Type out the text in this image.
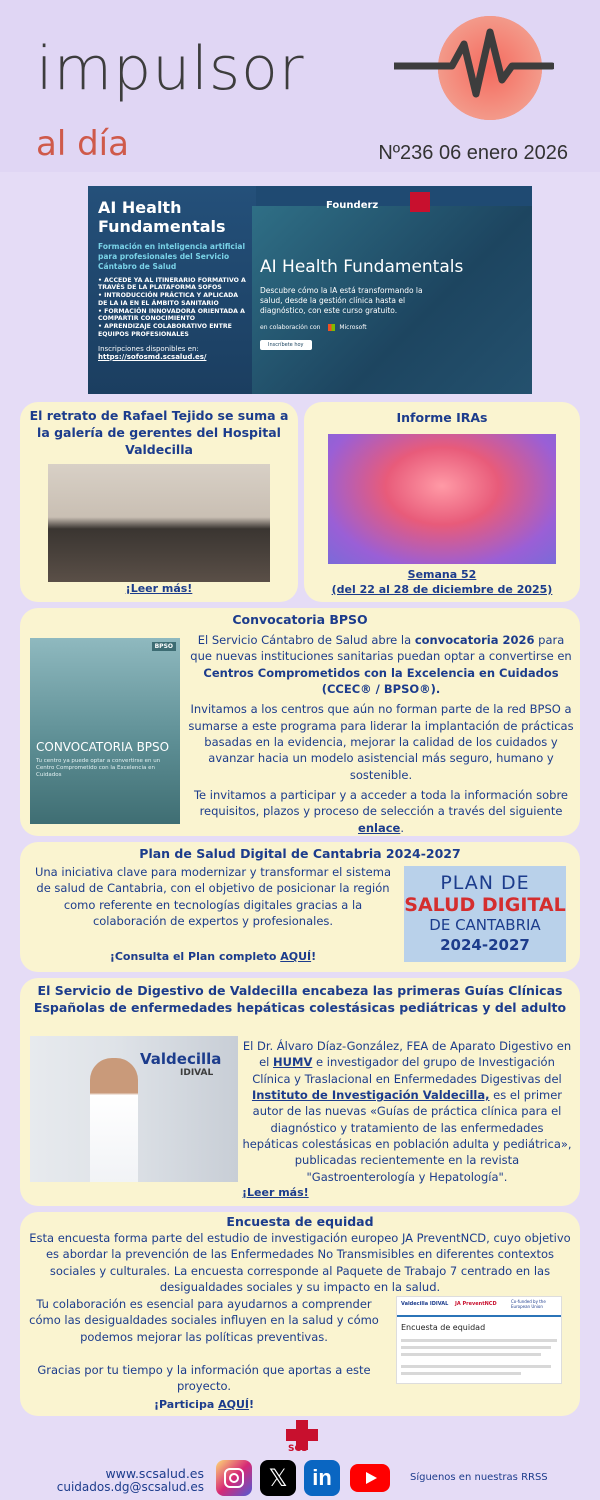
impulsor
al día	Nº236 06 enero 2026
AI Health Fundamentals
Formación en inteligencia artificial para profesionales del Servicio Cántabro de Salud
• ACCEDE YA AL ITINERARIO FORMATIVO A TRAVÉS DE LA PLATAFORMA SOFOS
• INTRODUCCIÓN PRÁCTICA Y APLICADA DE LA IA EN EL ÁMBITO SANITARIO
• FORMACIÓN INNOVADORA ORIENTADA A COMPARTIR CONOCIMIENTO
• APRENDIZAJE COLABORATIVO ENTRE EQUIPOS PROFESIONALES
Inscripciones disponibles en:
https://sofosmd.scsalud.es/
Founderz
AI Health Fundamentals

Descubre cómo la IA está transformando la salud, desde la gestión clínica hasta el diagnóstico, con este curso gratuito.

en colaboración con	Microsoft
Inscríbete hoy
El retrato de Rafael Tejido se suma a la galería de gerentes del Hospital Valdecilla
¡Leer más!
Informe IRAs
Semana 52
(del 22 al 28 de diciembre de 2025)
Convocatoria BPSO
BPSO
CONVOCATORIA BPSO
Tu centro ya puede optar a convertirse en un Centro Comprometido con la Excelencia en Cuidados

El Servicio Cántabro de Salud abre la convocatoria 2026 para que nuevas instituciones sanitarias puedan optar a convertirse en Centros Comprometidos con la Excelencia en Cuidados (CCEC® / BPSO®).

Invitamos a los centros que aún no forman parte de la red BPSO a sumarse a este programa para liderar la implantación de prácticas basadas en la evidencia, mejorar la calidad de los cuidados y avanzar hacia un modelo asistencial más seguro, humano y sostenible.

Te invitamos a participar y a acceder a toda la información sobre requisitos, plazos y proceso de selección a través del siguiente enlace.

Plan de Salud Digital de Cantabria 2024-2027
Una iniciativa clave para modernizar y transformar el sistema de salud de Cantabria, con el objetivo de posicionar la región como referente en tecnologías digitales gracias a la colaboración de expertos y profesionales.
¡Consulta el Plan completo AQUÍ!
PLAN DE
SALUD DIGITAL
DE CANTABRIA
2024-2027
El Servicio de Digestivo de Valdecilla encabeza las primeras Guías Clínicas Españolas de enfermedades hepáticas colestásicas pediátricas y del adulto
Valdecilla
IDIVAL
El Dr. Álvaro Díaz-González, FEA de Aparato Digestivo en el HUMV e investigador del grupo de Investigación Clínica y Traslacional en Enfermedades Digestivas del Instituto de Investigación Valdecilla, es el primer autor de las nuevas «Guías de práctica clínica para el diagnóstico y tratamiento de las enfermedades hepáticas colestásicas en población adulta y pediátrica», publicadas recientemente en la revista "Gastroenterología y Hepatología".
¡Leer más!
Encuesta de equidad

Esta encuesta forma parte del estudio de investigación europeo JA PreventNCD, cuyo objetivo es abordar la prevención de las Enfermedades No Transmisibles en diferentes contextos sociales y culturales. La encuesta corresponde al Paquete de Trabajo 7 centrado en las desigualdades sociales y su impacto en la salud.

Tu colaboración es esencial para ayudarnos a comprender cómo las desigualdades sociales influyen en la salud y cómo podemos mejorar las políticas preventivas.

Gracias por tu tiempo y la información que aportas a este proyecto.

¡Participa AQUÍ!
Valdecilla IDIVAL JA PreventNCD	Co-funded by the European Union
Encuesta de equidad
SCS
www.scsalud.es
cuidados.dg@scsalud.es	𝕏	in	Síguenos en nuestras RRSS
